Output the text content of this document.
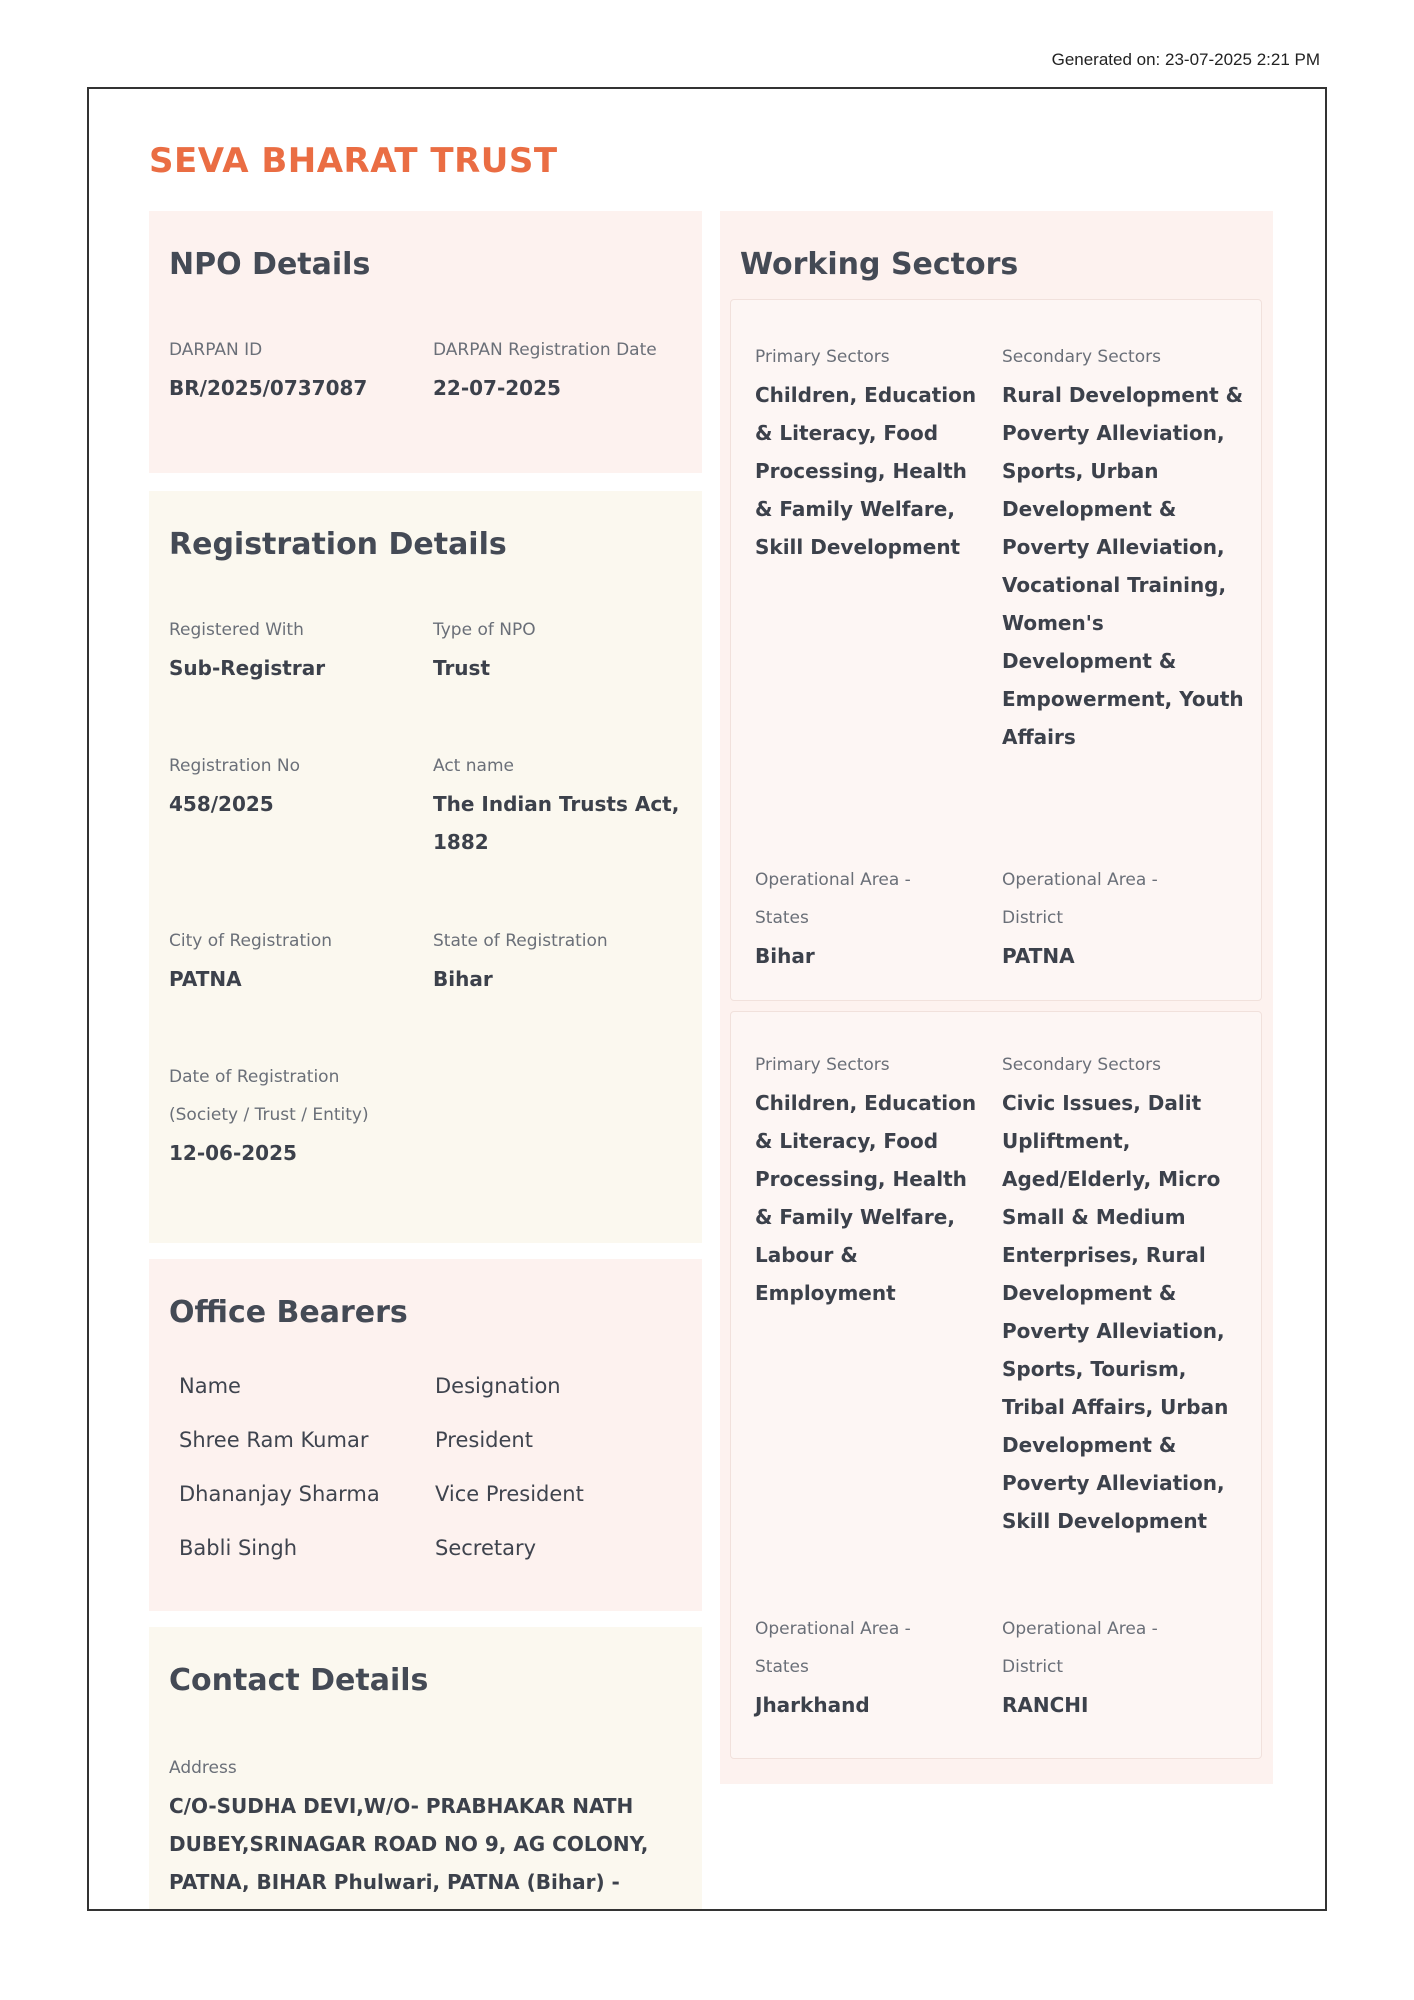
Generated on: 23-07-2025 2:21 PM
SEVA BHARAT TRUST
NPO Details
DARPAN ID
BR/2025/0737087
DARPAN Registration Date
22-07-2025
Registration Details
Registered With
Sub-Registrar
Type of NPO
Trust
Registration No
458/2025
Act name
The Indian Trusts Act, 1882
City of Registration
PATNA
State of Registration
Bihar
Date of Registration (Society / Trust / Entity)
12-06-2025
Office Bearers
Name	Designation
Shree Ram Kumar	President
Dhananjay Sharma	Vice President
Babli Singh	Secretary
Contact Details
Address
C/O-SUDHA DEVI,W/O- PRABHAKAR NATH DUBEY,SRINAGAR ROAD NO 9, AG COLONY, PATNA, BIHAR Phulwari, PATNA (Bihar) -
Working Sectors
Primary Sectors
Children, Education & Literacy, Food Processing, Health & Family Welfare, Skill Development
Secondary Sectors
Rural Development & Poverty Alleviation, Sports, Urban Development & Poverty Alleviation, Vocational Training, Women's Development & Empowerment, Youth Affairs
Operational Area - States
Bihar
Operational Area - District
PATNA
Primary Sectors
Children, Education & Literacy, Food Processing, Health & Family Welfare, Labour & Employment
Secondary Sectors
Civic Issues, Dalit Upliftment, Aged/Elderly, Micro Small & Medium Enterprises, Rural Development & Poverty Alleviation, Sports, Tourism, Tribal Affairs, Urban Development & Poverty Alleviation, Skill Development
Operational Area - States
Jharkhand
Operational Area - District
RANCHI
